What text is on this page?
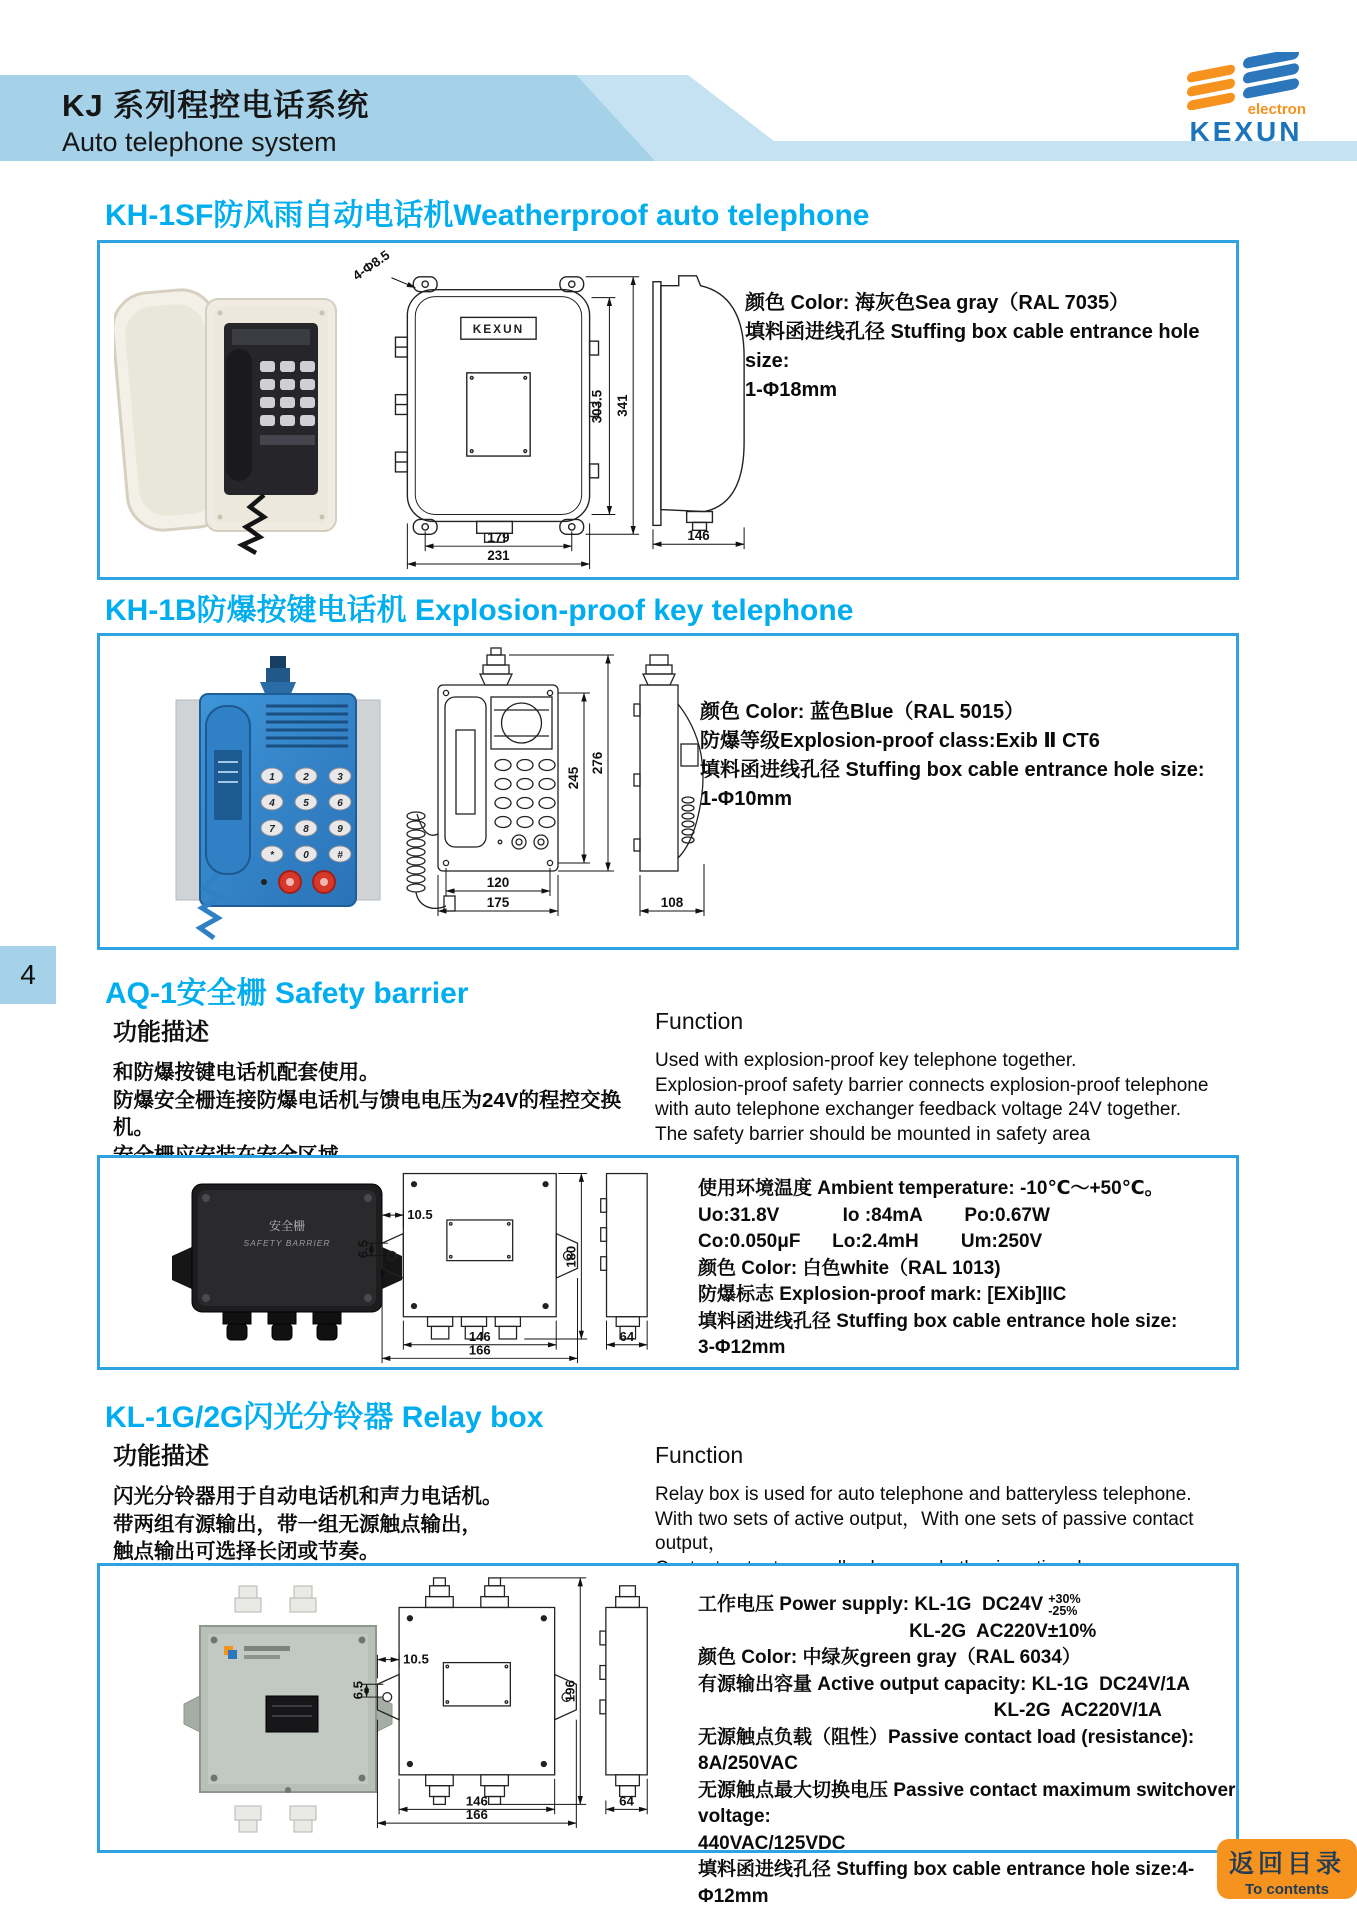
KJ 系列程控电话系统
Auto telephone system
electron
KEXUN
KH-1SF防风雨自动电话机Weatherproof auto telephone
KEXUN
4-Φ8.5
303.5 341
179
231
146
颜色 Color: 海灰色Sea gray（RAL 7035）
填料函进线孔径 Stuffing box cable entrance hole size:
1-Φ18mm
KH-1B防爆按键电话机 Explosion-proof key telephone
1	2	3
4	5	6
7	8	9
*	0	#
245
276
120
175	108
颜色 Color: 蓝色Blue（RAL 5015）
防爆等级Explosion-proof class:Exib Ⅱ CT6
填料函进线孔径 Stuffing box cable entrance hole size:
1-Φ10mm
4
AQ-1安全栅 Safety barrier
功能描述
和防爆按键电话机配套使用。
防爆安全栅连接防爆电话机与馈电电压为24V的程控交换机。
Function
Used with explosion-proof key telephone together.
Explosion-proof safety barrier connects explosion-proof telephone
with auto telephone exchanger feedback voltage 24V together.
The safety barrier should be mounted in safety area
安全栅
SAFETY BARRIER
10.5
6.5	180
146
166
64
使用环境温度 Ambient temperature: -10℃～+50℃。
Uo:31.8V            Io :84mA        Po:0.67W
Co:0.050μF      Lo:2.4mH        Um:250V
颜色 Color: 白色white（RAL 1013)
防爆标志 Explosion-proof mark: [EXib]IIC
填料函进线孔径 Stuffing box cable entrance hole size:
3-Φ12mm
KL-1G/2G闪光分铃器 Relay box
功能描述
闪光分铃器用于自动电话机和声力电话机。
带两组有源输出，带一组无源触点输出，
触点输出可选择长闭或节奏。
Function
Relay box is used for auto telephone and batteryless telephone.
With two sets of active output，With one sets of passive contact output，
10.5
6.5	196
146
166
64
工作电压 Power supply: KL-1G  DC24V +30%
-25%
KL-2G  AC220V±10%
颜色 Color: 中绿灰green gray（RAL 6034）
有源输出容量 Active output capacity: KL-1G  DC24V/1A
KL-2G  AC220V/1A
无源触点负载（阻性）Passive contact load (resistance): 8A/250VAC
无源触点最大切换电压 Passive contact maximum switchover voltage:
440VAC/125VDC
填料函进线孔径 Stuffing box cable entrance hole size:4-Φ12mm
返回目录
To contents
